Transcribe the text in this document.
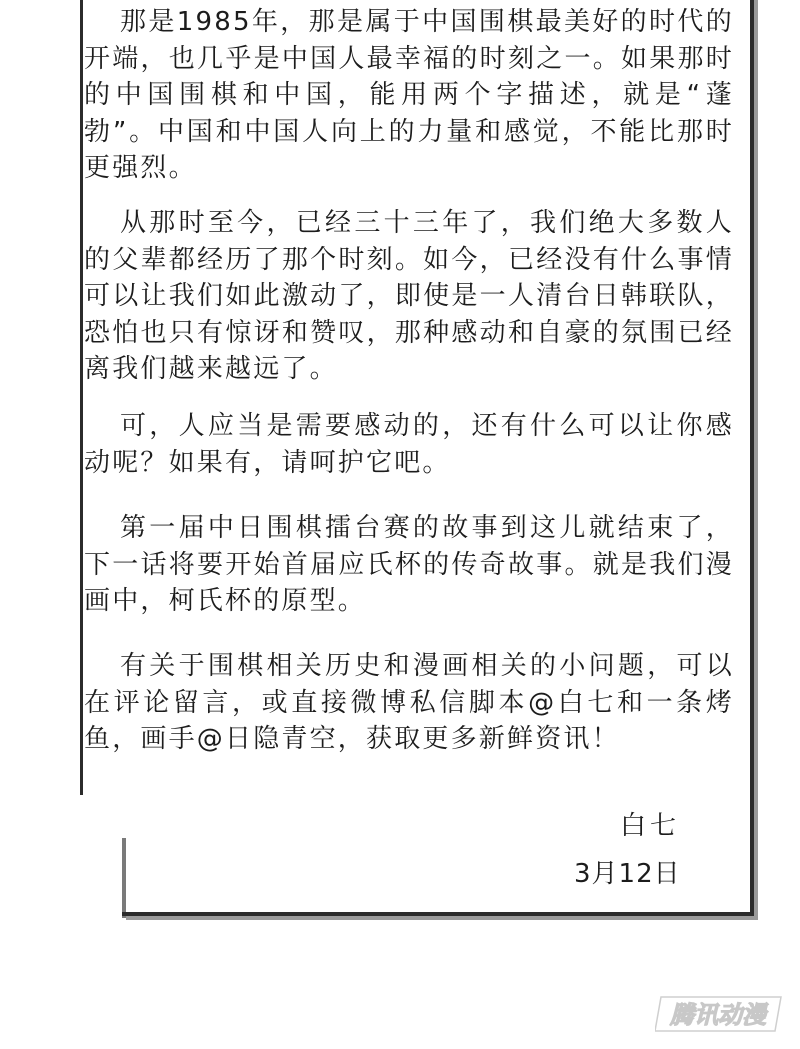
那是1985年，那是属于中国围棋最美好的时代的开端，也几乎是中国人最幸福的时刻之一。如果那时的中国围棋和中国，能用两个字描述，就是“蓬勃”。中国和中国人向上的力量和感觉，不能比那时更强烈。

从那时至今，已经三十三年了，我们绝大多数人的父辈都经历了那个时刻。如今，已经没有什么事情可以让我们如此激动了，即使是一人清台日韩联队，恐怕也只有惊讶和赞叹，那种感动和自豪的氛围已经离我们越来越远了。

可，人应当是需要感动的，还有什么可以让你感动呢？如果有，请呵护它吧。

第一届中日围棋擂台赛的故事到这儿就结束了，下一话将要开始首届应氏杯的传奇故事。就是我们漫画中，柯氏杯的原型。

有关于围棋相关历史和漫画相关的小问题，可以在评论留言，或直接微博私信脚本@白七和一条烤鱼，画手@日隐青空，获取更多新鲜资讯！

白七
3月12日
腾讯动漫
